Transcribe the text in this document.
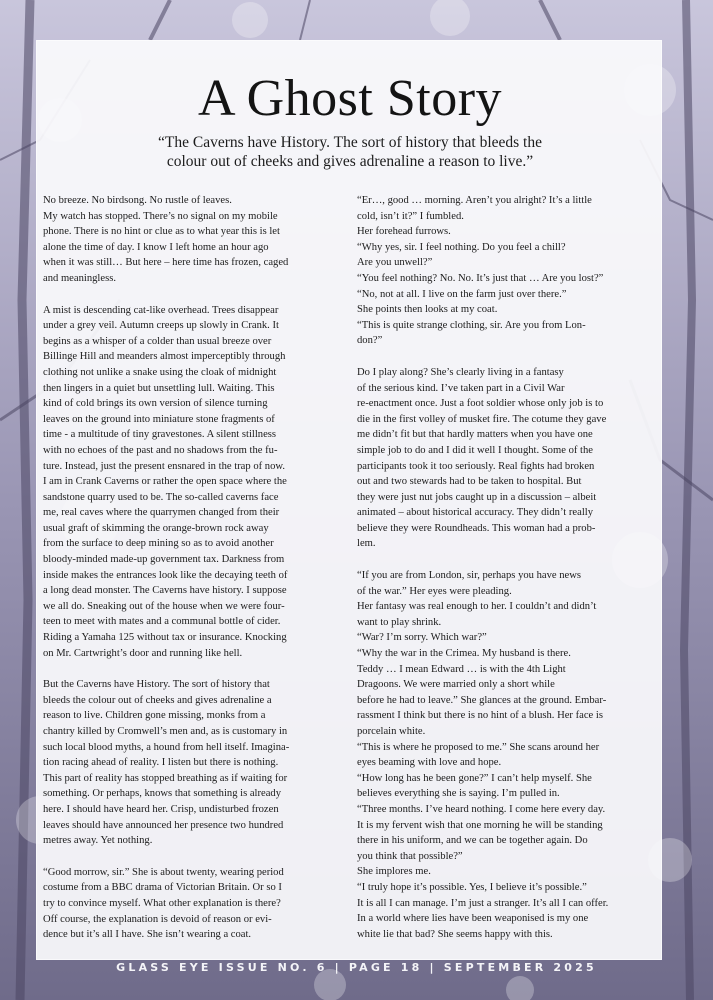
A Ghost Story
“The Caverns have History. The sort of history that bleeds the
colour out of cheeks and gives adrenaline a reason to live.”

No breeze. No birdsong. No rustle of leaves.
My watch has stopped. There’s no signal on my mobile
phone. There is no hint or clue as to what year this is let
alone the time of day. I know I left home an hour ago
when it was still… But here – here time has frozen, caged
and meaningless.

A mist is descending cat-like overhead. Trees disappear
under a grey veil. Autumn creeps up slowly in Crank. It
begins as a whisper of a colder than usual breeze over
Billinge Hill and meanders almost imperceptibly through
clothing not unlike a snake using the cloak of midnight
then lingers in a quiet but unsettling lull. Waiting. This
kind of cold brings its own version of silence turning
leaves on the ground into miniature stone fragments of
time - a multitude of tiny gravestones. A silent stillness
with no echoes of the past and no shadows from the fu-
ture. Instead, just the present ensnared in the trap of now.
I am in Crank Caverns or rather the open space where the
sandstone quarry used to be. The so-called caverns face
me, real caves where the quarrymen changed from their
usual graft of skimming the orange-brown rock away
from the surface to deep mining so as to avoid another
bloody-minded made-up government tax. Darkness from
inside makes the entrances look like the decaying teeth of
a long dead monster. The Caverns have history. I suppose
we all do. Sneaking out of the house when we were four-
teen to meet with mates and a communal bottle of cider.
Riding a Yamaha 125 without tax or insurance. Knocking
on Mr. Cartwright’s door and running like hell.

But the Caverns have History. The sort of history that
bleeds the colour out of cheeks and gives adrenaline a
reason to live. Children gone missing, monks from a
chantry killed by Cromwell’s men and, as is customary in
such local blood myths, a hound from hell itself. Imagina-
tion racing ahead of reality. I listen but there is nothing.
This part of reality has stopped breathing as if waiting for
something. Or perhaps, knows that something is already
here. I should have heard her. Crisp, undisturbed frozen
leaves should have announced her presence two hundred
metres away. Yet nothing.

“Good morrow, sir.” She is about twenty, wearing period
costume from a BBC drama of Victorian Britain. Or so I
try to convince myself. What other explanation is there?
Off course, the explanation is devoid of reason or evi-
dence but it’s all I have. She isn’t wearing a coat.

“Er…, good … morning. Aren’t you alright? It’s a little
cold, isn’t it?” I fumbled.
Her forehead furrows.
“Why yes, sir. I feel nothing. Do you feel a chill?
Are you unwell?”
“You feel nothing? No. No. It’s just that … Are you lost?”
“No, not at all. I live on the farm just over there.”
She points then looks at my coat.
“This is quite strange clothing, sir. Are you from Lon-
don?”

Do I play along? She’s clearly living in a fantasy
of the serious kind. I’ve taken part in a Civil War
re-enactment once. Just a foot soldier whose only job is to
die in the first volley of musket fire. The cotume they gave
me didn’t fit but that hardly matters when you have one
simple job to do and I did it well I thought. Some of the
participants took it too seriously. Real fights had broken
out and two stewards had to be taken to hospital. But
they were just nut jobs caught up in a discussion – albeit
animated – about historical accuracy. They didn’t really
believe they were Roundheads. This woman had a prob-
lem.

“If you are from London, sir, perhaps you have news
of the war.” Her eyes were pleading.
Her fantasy was real enough to her. I couldn’t and didn’t
want to play shrink.
“War? I’m sorry. Which war?”
“Why the war in the Crimea. My husband is there.
Teddy … I mean Edward … is with the 4th Light
Dragoons. We were married only a short while
before he had to leave.” She glances at the ground. Embar-
rassment I think but there is no hint of a blush. Her face is
porcelain white.
“This is where he proposed to me.” She scans around her
eyes beaming with love and hope.
“How long has he been gone?” I can’t help myself. She
believes everything she is saying. I’m pulled in.
“Three months. I’ve heard nothing. I come here every day.
It is my fervent wish that one morning he will be standing
there in his uniform, and we can be together again. Do
you think that possible?”
She implores me.
“I truly hope it’s possible. Yes, I believe it’s possible.”
It is all I can manage. I’m just a stranger. It’s all I can offer.
In a world where lies have been weaponised is my one
white lie that bad? She seems happy with this.

GLASS EYE ISSUE NO. 6 | PAGE 18 | SEPTEMBER 2025
